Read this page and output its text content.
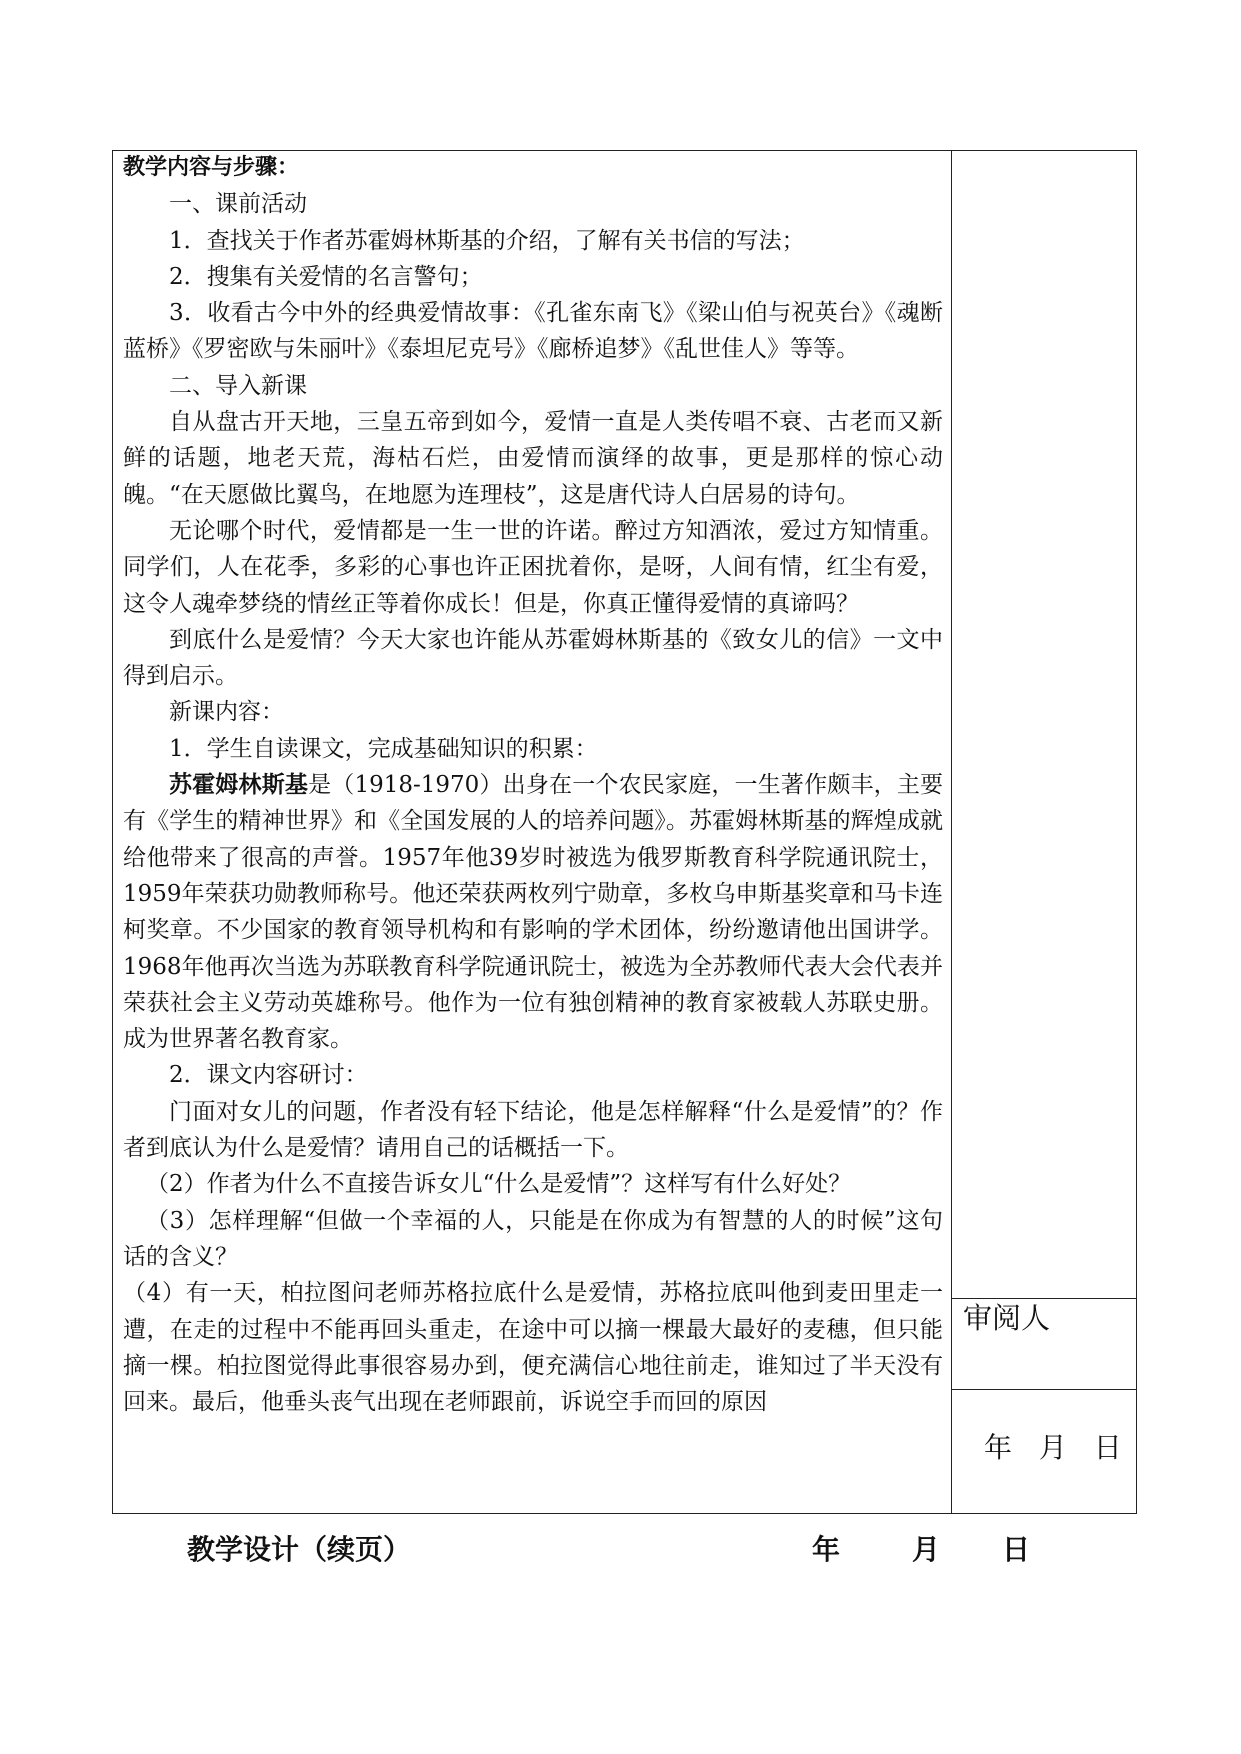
教学内容与步骤：

一、课前活动

1．查找关于作者苏霍姆林斯基的介绍，了解有关书信的写法；

2．搜集有关爱情的名言警句；

3．收看古今中外的经典爱情故事：《孔雀东南飞》《梁山伯与祝英台》《魂断蓝桥》《罗密欧与朱丽叶》《泰坦尼克号》《廊桥追梦》《乱世佳人》等等。

二、导入新课

自从盘古开天地，三皇五帝到如今，爱情一直是人类传唱不衰、古老而又新鲜的话题，地老天荒，海枯石烂，由爱情而演绎的故事，更是那样的惊心动魄。“在天愿做比翼鸟，在地愿为连理枝”，这是唐代诗人白居易的诗句。

无论哪个时代，爱情都是一生一世的许诺。醉过方知酒浓，爱过方知情重。同学们，人在花季，多彩的心事也许正困扰着你，是呀，人间有情，红尘有爱，这令人魂牵梦绕的情丝正等着你成长！但是，你真正懂得爱情的真谛吗？

到底什么是爱情？今天大家也许能从苏霍姆林斯基的《致女儿的信》一文中得到启示。

新课内容：

1．学生自读课文，完成基础知识的积累：

苏霍姆林斯基是（1918-1970）出身在一个农民家庭，一生著作颇丰，主要有《学生的精神世界》和《全国发展的人的培养问题》。苏霍姆林斯基的辉煌成就给他带来了很高的声誉。1957年他39岁时被选为俄罗斯教育科学院通讯院士，1959年荣获功勋教师称号。他还荣获两枚列宁勋章，多枚乌申斯基奖章和马卡连柯奖章。不少国家的教育领导机构和有影响的学术团体，纷纷邀请他出国讲学。1968年他再次当选为苏联教育科学院通讯院士，被选为全苏教师代表大会代表并荣获社会主义劳动英雄称号。他作为一位有独创精神的教育家被载人苏联史册。成为世界著名教育家。

2．课文内容研讨：

门面对女儿的问题，作者没有轻下结论，他是怎样解释“什么是爱情”的？作者到底认为什么是爱情？请用自己的话概括一下。

（2）作者为什么不直接告诉女儿“什么是爱情”？这样写有什么好处？

（3）怎样理解“但做一个幸福的人，只能是在你成为有智慧的人的时候”这句话的含义？

（4）有一天，柏拉图问老师苏格拉底什么是爱情，苏格拉底叫他到麦田里走一遭，在走的过程中不能再回头重走，在途中可以摘一棵最大最好的麦穗，但只能摘一棵。柏拉图觉得此事很容易办到，便充满信心地往前走，谁知过了半天没有回来。最后，他垂头丧气出现在老师跟前，诉说空手而回的原因

审阅人
年 月 日
教学设计（续页）	年	月 日
